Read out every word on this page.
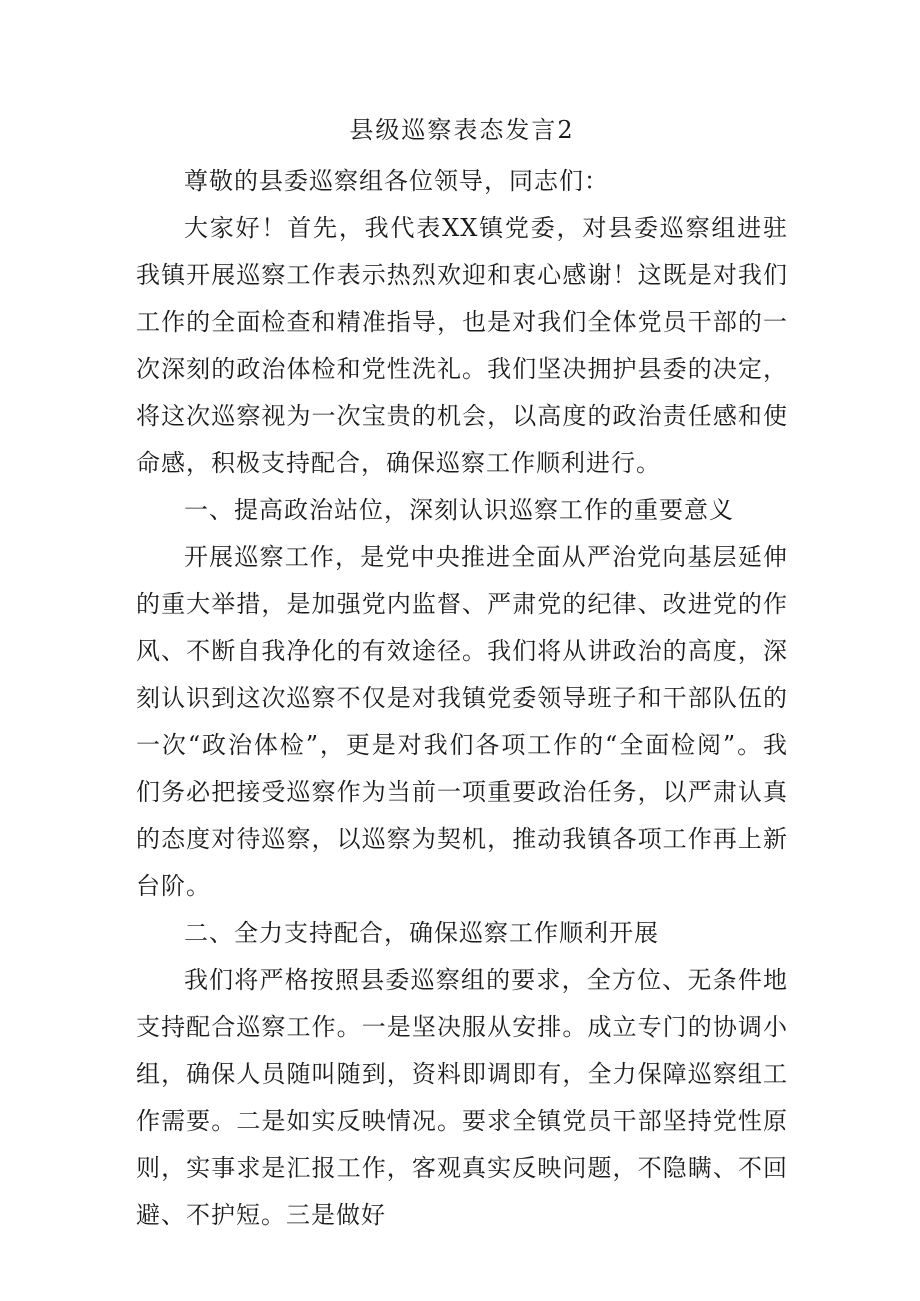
县级巡察表态发言2

尊敬的县委巡察组各位领导，同志们：

大家好！首先，我代表XX镇党委，对县委巡察组进驻我镇开展巡察工作表示热烈欢迎和衷心感谢！这既是对我们工作的全面检查和精准指导，也是对我们全体党员干部的一次深刻的政治体检和党性洗礼。我们坚决拥护县委的决定，将这次巡察视为一次宝贵的机会，以高度的政治责任感和使命感，积极支持配合，确保巡察工作顺利进行。

一、提高政治站位，深刻认识巡察工作的重要意义

开展巡察工作，是党中央推进全面从严治党向基层延伸的重大举措，是加强党内监督、严肃党的纪律、改进党的作风、不断自我净化的有效途径。我们将从讲政治的高度，深刻认识到这次巡察不仅是对我镇党委领导班子和干部队伍的一次“政治体检”，更是对我们各项工作的“全面检阅”。我们务必把接受巡察作为当前一项重要政治任务，以严肃认真的态度对待巡察，以巡察为契机，推动我镇各项工作再上新台阶。

二、全力支持配合，确保巡察工作顺利开展

我们将严格按照县委巡察组的要求，全方位、无条件地支持配合巡察工作。一是坚决服从安排。成立专门的协调小组，确保人员随叫随到，资料即调即有，全力保障巡察组工作需要。二是如实反映情况。要求全镇党员干部坚持党性原则，实事求是汇报工作，客观真实反映问题，不隐瞒、不回避、不护短。三是做好
